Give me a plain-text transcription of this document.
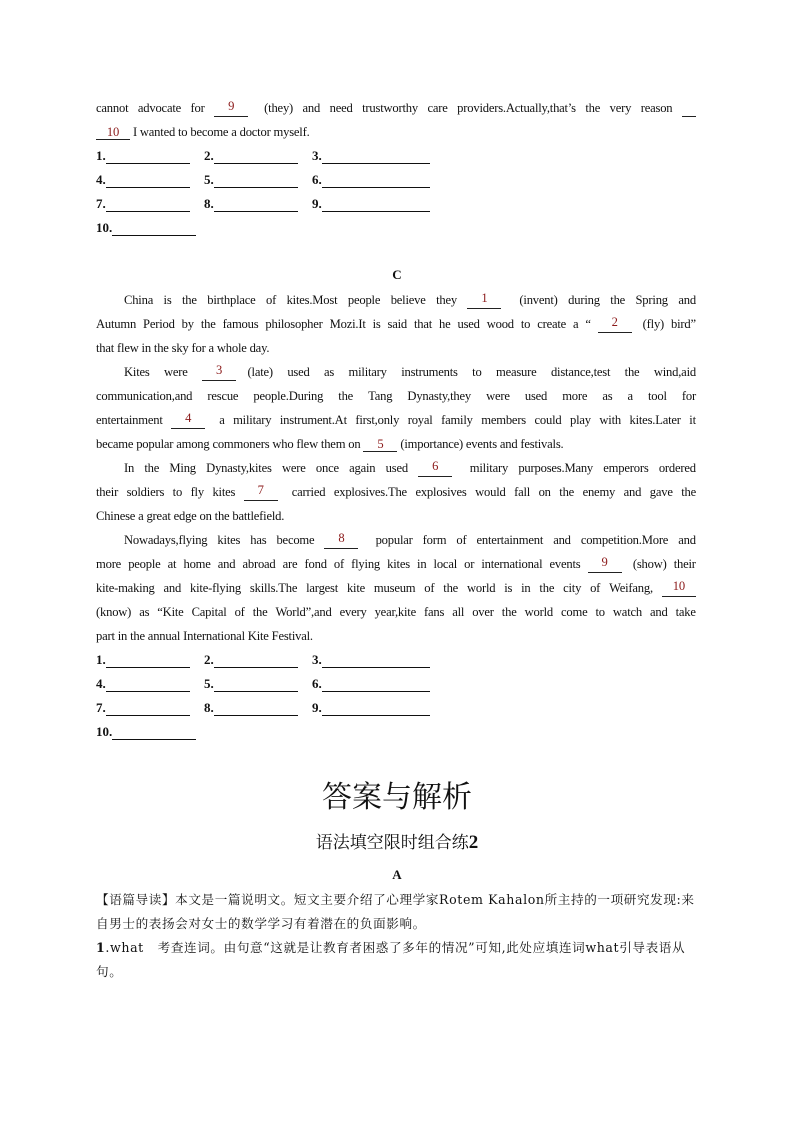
cannot advocate for	9
	(they) and need trustworthy care providers.Actually,that’s the very reason
10 I wanted to become a doctor myself.
1.	2.	3.
4.	5.	6.
7.	8.	9.
10.
C
China is the birthplace of kites.Most people believe they	1
	(invent) during the Spring and
Autumn Period by the famous philosopher Mozi.It is said that he used wood to create a “	2
	(fly) bird”
that flew in the sky for a whole day.
Kites were	3	(late) used as military instruments to measure distance,test the wind,aid
communication,and rescue people.During the Tang Dynasty,they were used more as a tool for
entertainment	4
	a military instrument.At first,only royal family members could play with kites.Later it
became popular among commoners who flew them on 5 (importance) events and festivals.
In the Ming Dynasty,kites were once again used	6
	military purposes.Many emperors ordered
their soldiers to fly kites	7
	carried explosives.The explosives would fall on the enemy and gave the
Chinese a great edge on the battlefield.
Nowadays,flying kites has become	8
	popular form of entertainment and competition.More and
more people at home and abroad are fond of flying kites in local or international events	9
	(show) their
kite-making and kite-flying skills.The largest kite museum of the world is in the city of Weifang,	10
(know) as “Kite Capital of the World”,and every year,kite fans all over the world come to watch and take
part in the annual International Kite Festival.
1.	2.	3.
4.	5.	6.
7.	8.	9.
10.
答案与解析
语法填空限时组合练2
A
【语篇导读】本文是一篇说明文。短文主要介绍了心理学家Rotem Kahalon所主持的一项研究发现:来自男士的表扬会对女士的数学学习有着潜在的负面影响。
1.what 考查连词。由句意“这就是让教育者困惑了多年的情况”可知,此处应填连词what引导表语从句。
